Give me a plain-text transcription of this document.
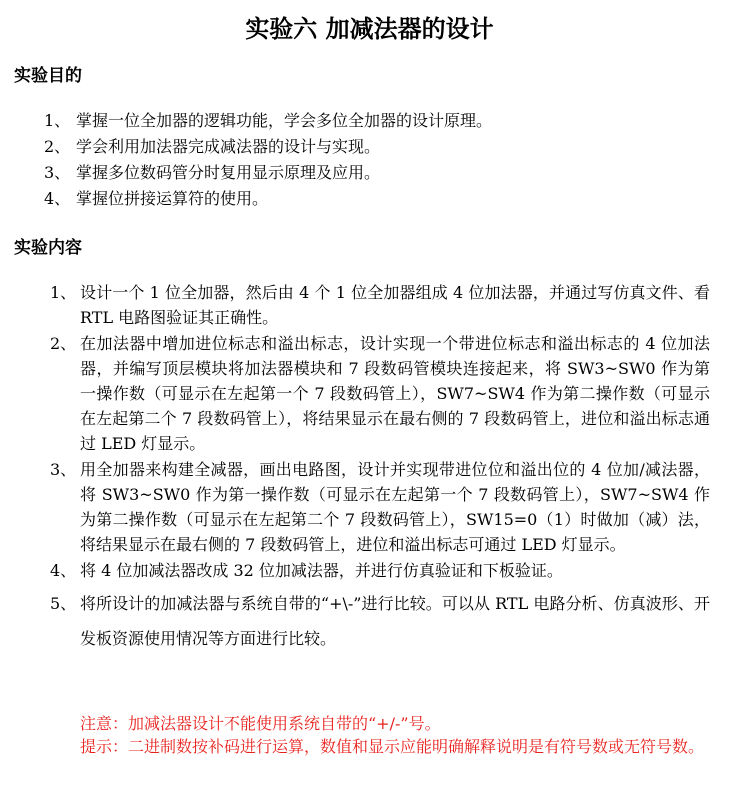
实验六 加减法器的设计
实验目的
1、 掌握一位全加器的逻辑功能，学会多位全加器的设计原理。
2、 学会利用加法器完成减法器的设计与实现。
3、 掌握多位数码管分时复用显示原理及应用。
4、 掌握位拼接运算符的使用。
实验内容
1、 设计一个 1 位全加器，然后由 4 个 1 位全加器组成 4 位加法器，并通过写仿真文件、看 RTL 电路图验证其正确性。
2、 在加法器中增加进位标志和溢出标志，设计实现一个带进位标志和溢出标志的 4 位加法器，并编写顶层模块将加法器模块和 7 段数码管模块连接起来，将 SW3~SW0 作为第一操作数（可显示在左起第一个 7 段数码管上），SW7~SW4 作为第二操作数（可显示在左起第二个 7 段数码管上），将结果显示在最右侧的 7 段数码管上，进位和溢出标志通过 LED 灯显示。
3、 用全加器来构建全减器，画出电路图，设计并实现带进位位和溢出位的 4 位加/减法器，将 SW3~SW0 作为第一操作数（可显示在左起第一个 7 段数码管上），SW7~SW4 作为第二操作数（可显示在左起第二个 7 段数码管上），SW15=0（1）时做加（减）法，将结果显示在最右侧的 7 段数码管上，进位和溢出标志可通过 LED 灯显示。
4、 将 4 位加减法器改成 32 位加减法器，并进行仿真验证和下板验证。
5、 将所设计的加减法器与系统自带的“+\-”进行比较。可以从 RTL 电路分析、仿真波形、开发板资源使用情况等方面进行比较。
注意：加减法器设计不能使用系统自带的“+/-”号。
提示：二进制数按补码进行运算，数值和显示应能明确解释说明是有符号数或无符号数。
